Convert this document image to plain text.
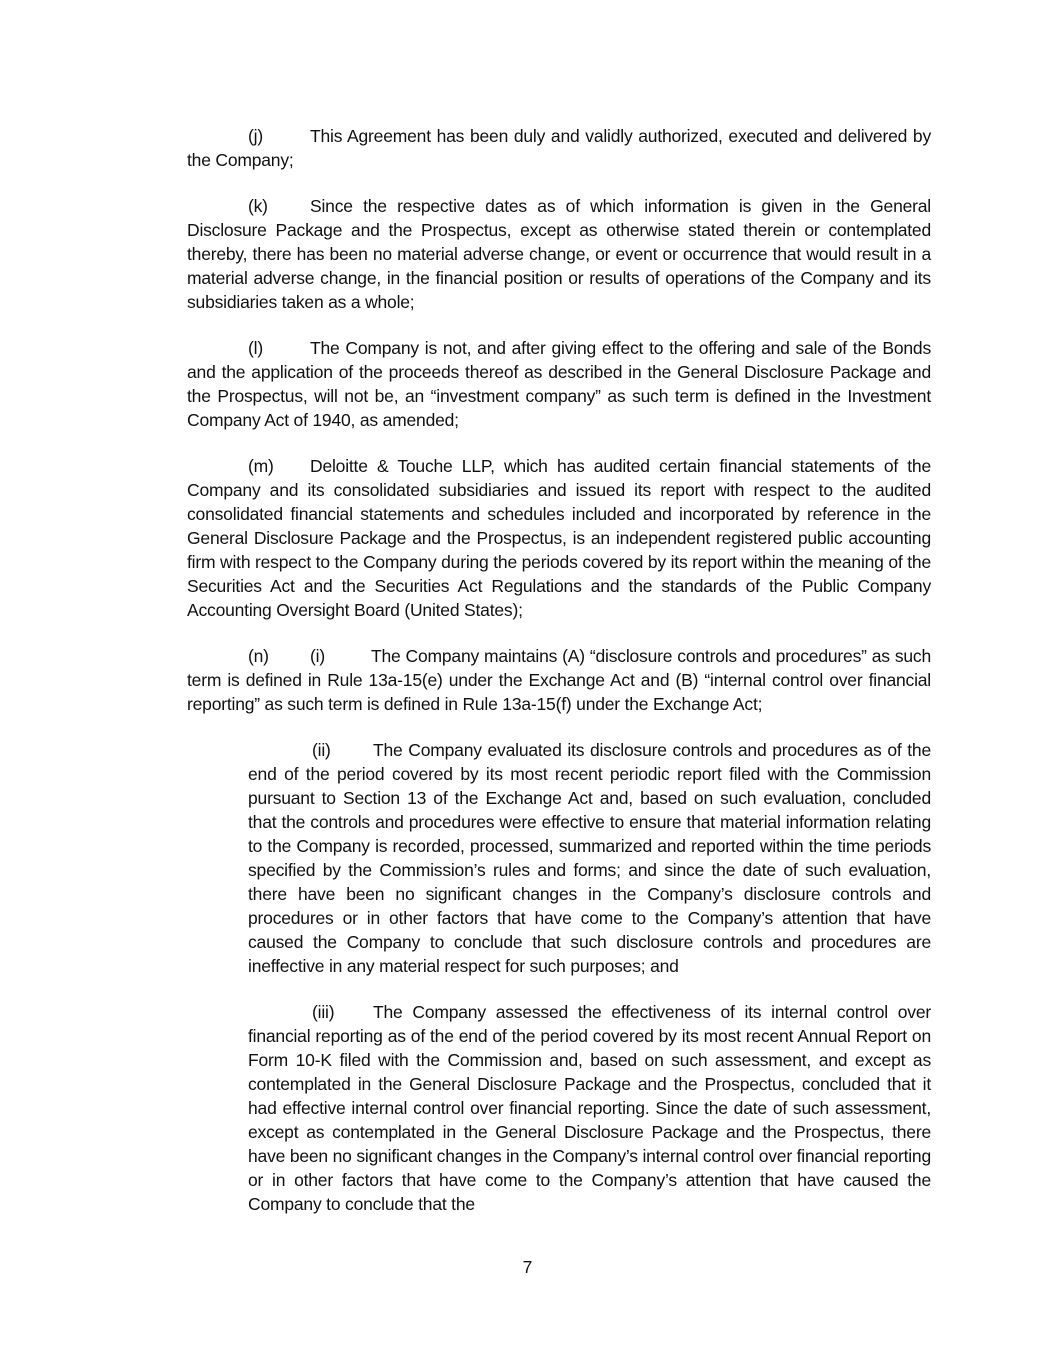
(j)	This Agreement has been duly and validly authorized, executed and delivered by the Company;

(k) Since the respective dates as of which information is given in the General Disclosure Package and the Prospectus, except as otherwise stated therein or contemplated thereby, there has been no material adverse change, or event or occurrence that would result in a material adverse change, in the financial position or results of operations of the Company and its subsidiaries taken as a whole;

(l)	The Company is not, and after giving effect to the offering and sale of the Bonds and the application of the proceeds thereof as described in the General Disclosure Package and the Prospectus, will not be, an “investment company” as such term is defined in the Investment Company Act of 1940, as amended;

(m) Deloitte & Touche LLP, which has audited certain financial statements of the Company and its consolidated subsidiaries and issued its report with respect to the audited consolidated financial statements and schedules included and incorporated by reference in the General Disclosure Package and the Prospectus, is an independent registered public accounting firm with respect to the Company during the periods covered by its report within the meaning of the Securities Act and the Securities Act Regulations and the standards of the Public Company Accounting Oversight Board (United States);

(n) (i)	The Company maintains (A) “disclosure controls and procedures” as such term is defined in Rule 13a-15(e) under the Exchange Act and (B) “internal control over financial reporting” as such term is defined in Rule 13a-15(f) under the Exchange Act;

(ii) The Company evaluated its disclosure controls and procedures as of the end of the period covered by its most recent periodic report filed with the Commission pursuant to Section 13 of the Exchange Act and, based on such evaluation, concluded that the controls and procedures were effective to ensure that material information relating to the Company is recorded, processed, summarized and reported within the time periods specified by the Commission’s rules and forms; and since the date of such evaluation, there have been no significant changes in the Company’s disclosure controls and procedures or in other factors that have come to the Company’s attention that have caused the Company to conclude that such disclosure controls and procedures are ineffective in any material respect for such purposes; and

(iii) The Company assessed the effectiveness of its internal control over financial reporting as of the end of the period covered by its most recent Annual Report on Form 10-K filed with the Commission and, based on such assessment, and except as contemplated in the General Disclosure Package and the Prospectus, concluded that it had effective internal control over financial reporting. Since the date of such assessment, except as contemplated in the General Disclosure Package and the Prospectus, there have been no significant changes in the Company’s internal control over financial reporting or in other factors that have come to the Company’s attention that have caused the Company to conclude that the

7
